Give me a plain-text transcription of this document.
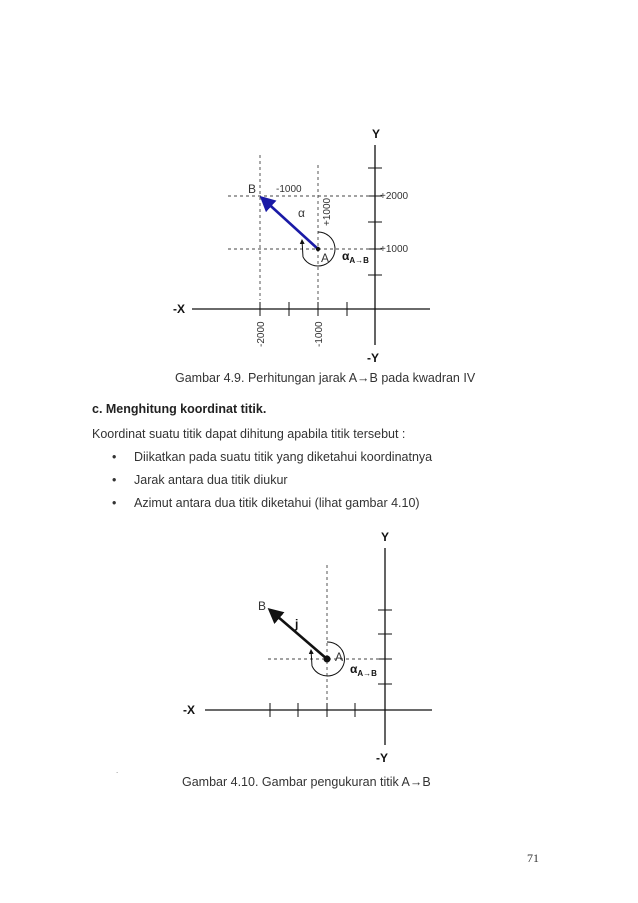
Y
-Y
-X
B
A
-1000
+1000
α
$\alpha_{A\to B}$
+2000
+1000
-2000	-1000
Y
-Y
-X
B
A
j
$\alpha_{A\to B}$
Gambar 4.9. Perhitungan jarak A→B pada kwadran IV
c. Menghitung koordinat titik.
Koordinat suatu titik dapat dihitung apabila titik tersebut :
• Diikatkan pada suatu titik yang diketahui koordinatnya
• Jarak antara dua titik diukur
• Azimut antara dua titik diketahui (lihat gambar 4.10)
.
Gambar 4.10. Gambar pengukuran titik A→B
71
